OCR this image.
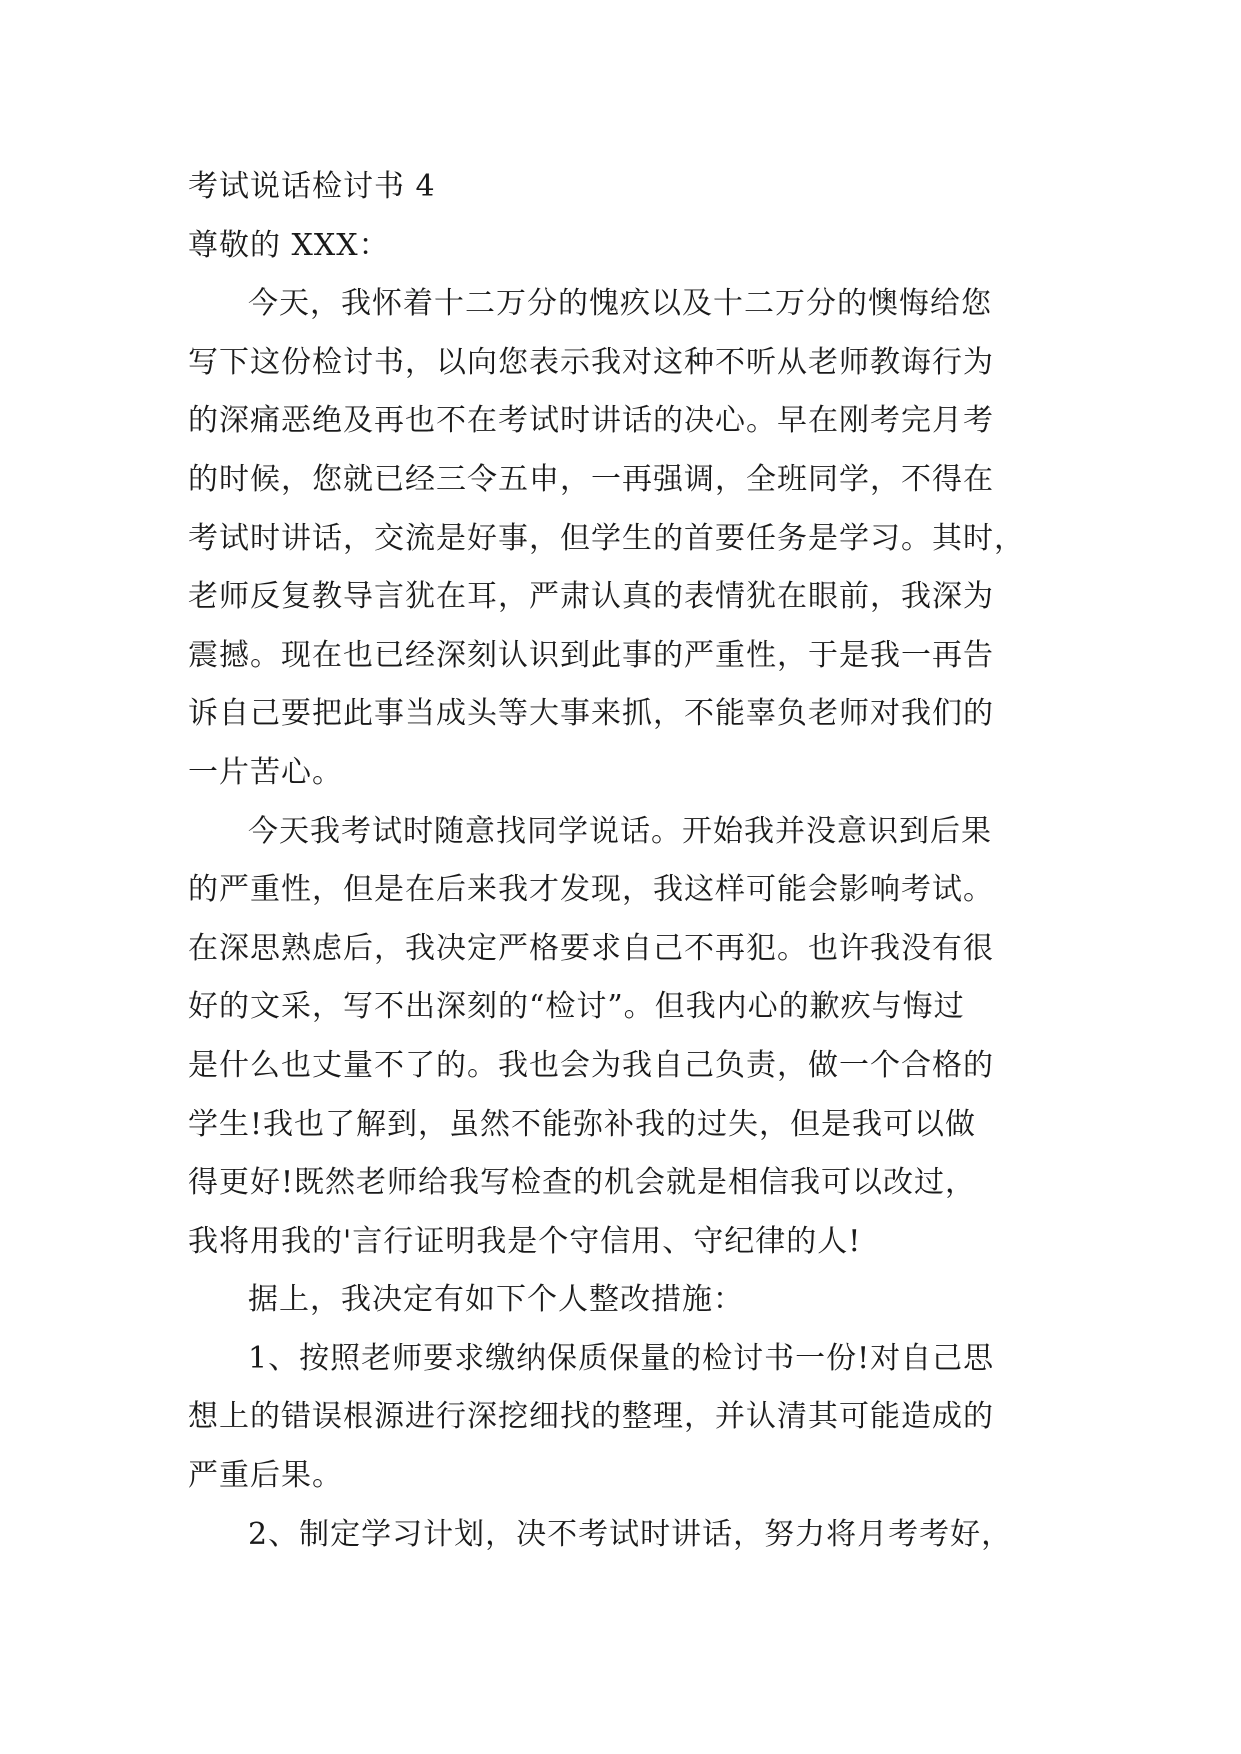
考试说话检讨书 4

尊敬的 XXX：

今天，我怀着十二万分的愧疚以及十二万分的懊悔给您
写下这份检讨书，以向您表示我对这种不听从老师教诲行为
的深痛恶绝及再也不在考试时讲话的决心。早在刚考完月考
的时候，您就已经三令五申，一再强调，全班同学，不得在
考试时讲话，交流是好事，但学生的首要任务是学习。其时，
老师反复教导言犹在耳，严肃认真的表情犹在眼前，我深为
震撼。现在也已经深刻认识到此事的严重性，于是我一再告
诉自己要把此事当成头等大事来抓，不能辜负老师对我们的
一片苦心。

今天我考试时随意找同学说话。开始我并没意识到后果
的严重性，但是在后来我才发现，我这样可能会影响考试。
在深思熟虑后，我决定严格要求自己不再犯。也许我没有很
好的文采，写不出深刻的“检讨”。但我内心的歉疚与悔过
是什么也丈量不了的。我也会为我自己负责，做一个合格的
学生!我也了解到，虽然不能弥补我的过失，但是我可以做
得更好!既然老师给我写检查的机会就是相信我可以改过，
我将用我的'言行证明我是个守信用、守纪律的人!

据上，我决定有如下个人整改措施：

1、按照老师要求缴纳保质保量的检讨书一份!对自己思
想上的错误根源进行深挖细找的整理，并认清其可能造成的
严重后果。

2、制定学习计划，决不考试时讲话，努力将月考考好，
